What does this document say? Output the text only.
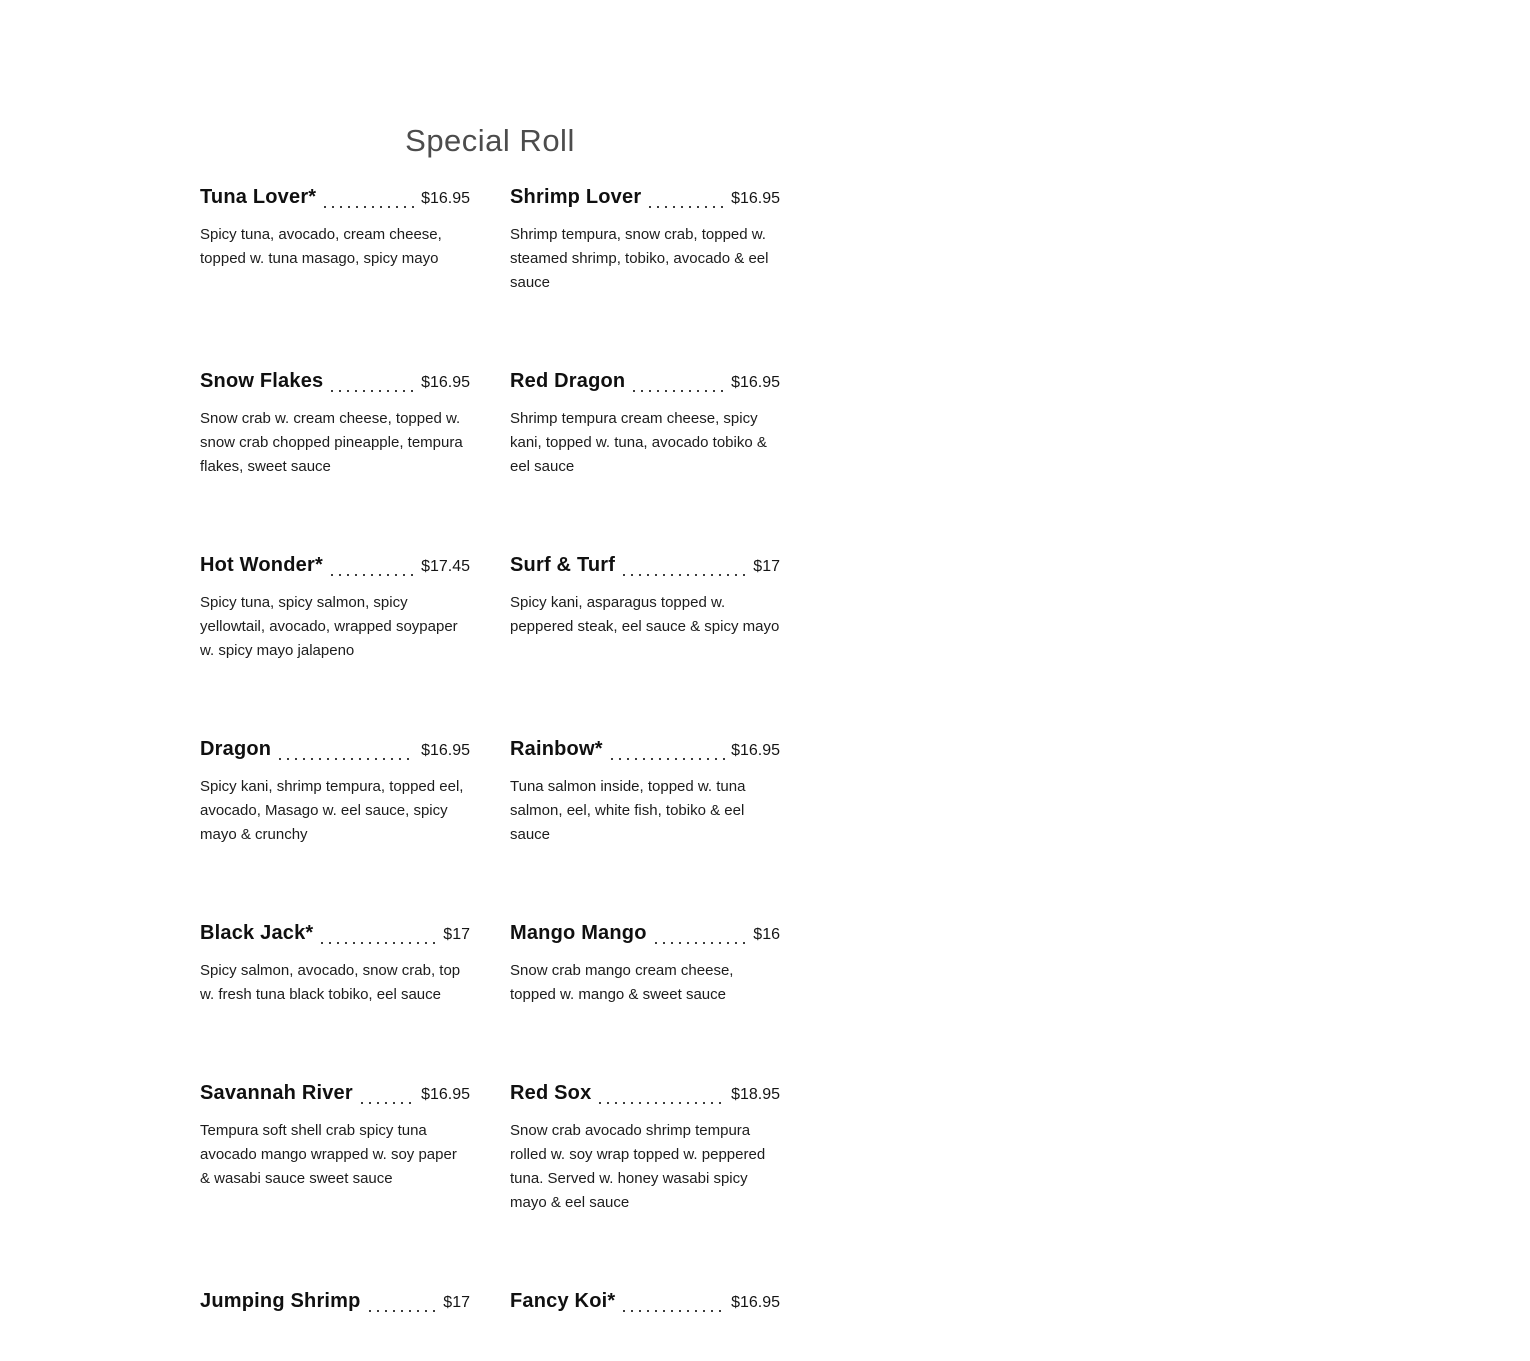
Special Roll
Tuna Lover*	$16.95
Spicy tuna, avocado, cream cheese, topped w. tuna masago, spicy mayo
Shrimp Lover	$16.95
Shrimp tempura, snow crab, topped w. steamed shrimp, tobiko, avocado & eel sauce
Snow Flakes	$16.95
Snow crab w. cream cheese, topped w. snow crab chopped pineapple, tempura flakes, sweet sauce
Red Dragon	$16.95
Shrimp tempura cream cheese, spicy kani, topped w. tuna, avocado tobiko & eel sauce
Hot Wonder*	$17.45
Spicy tuna, spicy salmon, spicy yellowtail, avocado, wrapped soypaper w. spicy mayo jalapeno
Surf & Turf	$17
Spicy kani, asparagus topped w. peppered steak, eel sauce & spicy mayo
Dragon	$16.95
Spicy kani, shrimp tempura, topped eel, avocado, Masago w. eel sauce, spicy mayo & crunchy
Rainbow*	$16.95
Tuna salmon inside, topped w. tuna salmon, eel, white fish, tobiko & eel sauce
Black Jack*	$17
Spicy salmon, avocado, snow crab, top w. fresh tuna black tobiko, eel sauce
Mango Mango	$16
Snow crab mango cream cheese, topped w. mango & sweet sauce
Savannah River	$16.95
Tempura soft shell crab spicy tuna avocado mango wrapped w. soy paper & wasabi sauce sweet sauce
Red Sox	$18.95
Snow crab avocado shrimp tempura rolled w. soy wrap topped w. peppered tuna. Served w. honey wasabi spicy mayo & eel sauce
Jumping Shrimp	$17 Fancy Koi*	$16.95
